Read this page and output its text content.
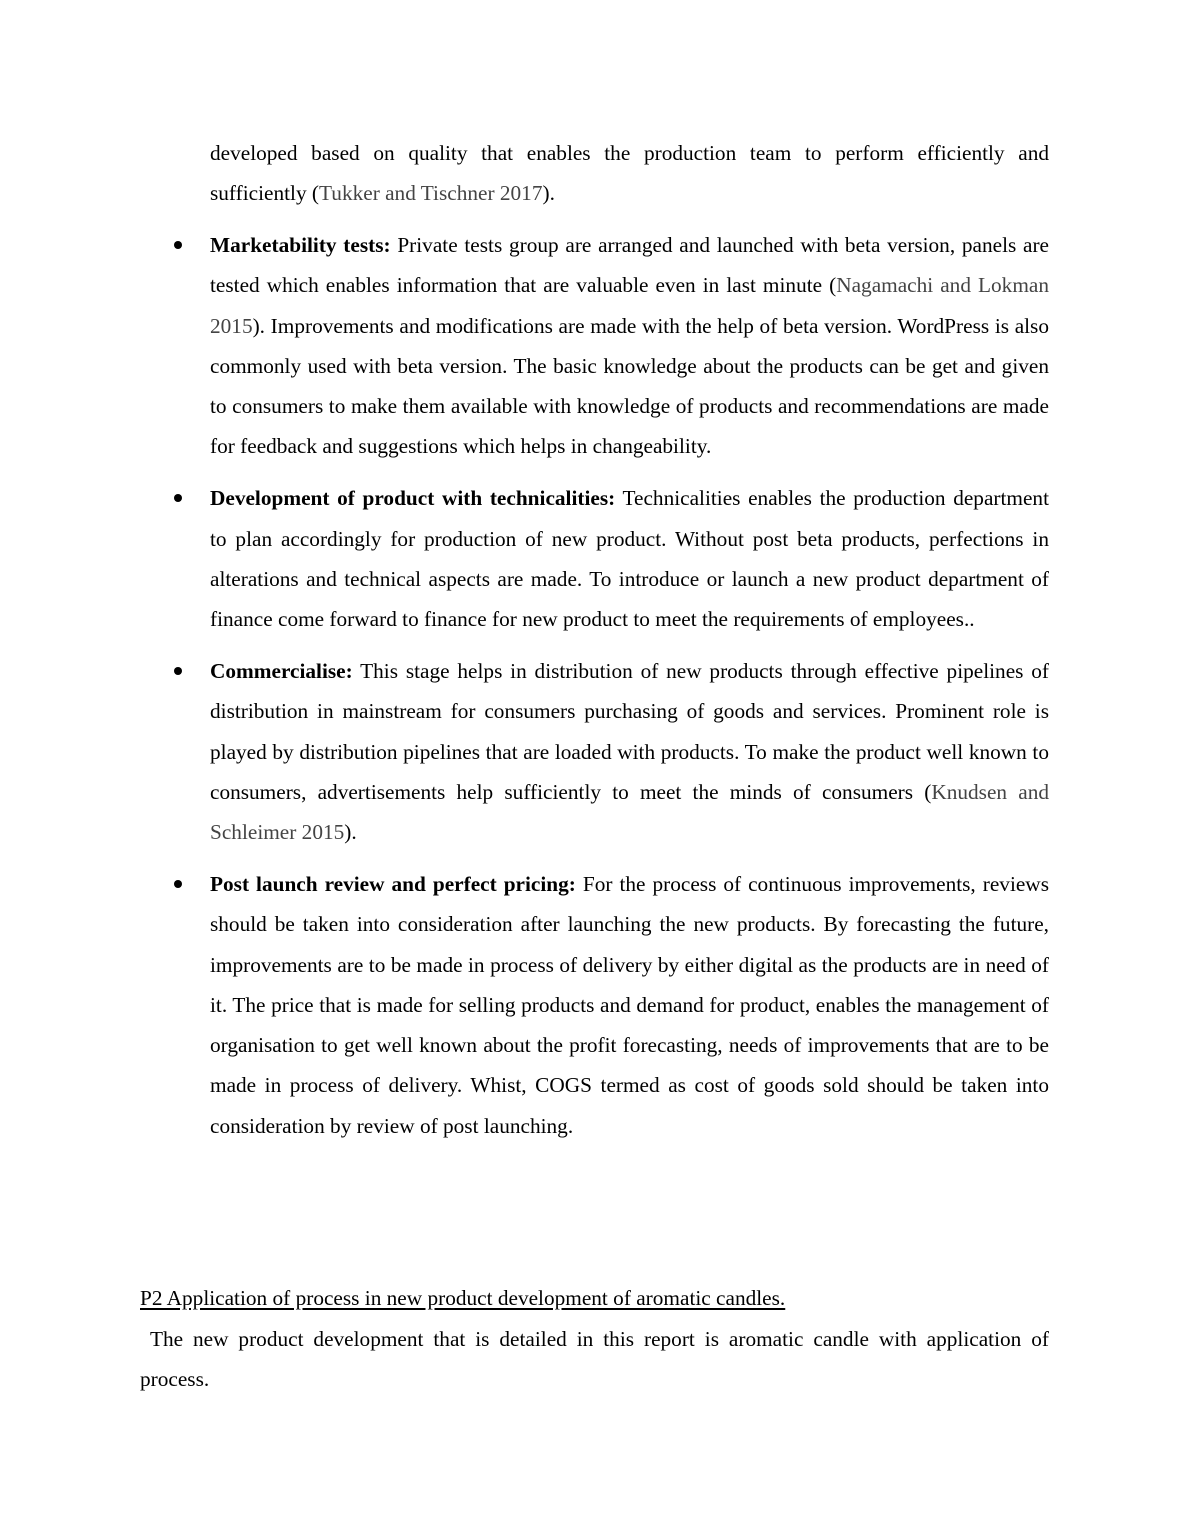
developed based on quality that enables the production team to perform efficiently and sufficiently (Tukker and Tischner 2017).

Marketability tests: Private tests group are arranged and launched with beta version, panels are tested which enables information that are valuable even in last minute (Nagamachi and Lokman 2015). Improvements and modifications are made with the help of beta version. WordPress is also commonly used with beta version. The basic knowledge about the products can be get and given to consumers to make them available with knowledge of products and recommendations are made for feedback and suggestions which helps in changeability.
Development of product with technicalities: Technicalities enables the production department to plan accordingly for production of new product. Without post beta products, perfections in alterations and technical aspects are made. To introduce or launch a new product department of finance come forward to finance for new product to meet the requirements of employees..
Commercialise: This stage helps in distribution of new products through effective pipelines of distribution in mainstream for consumers purchasing of goods and services. Prominent role is played by distribution pipelines that are loaded with products. To make the product well known to consumers, advertisements help sufficiently to meet the minds of consumers (Knudsen and Schleimer 2015).
Post launch review and perfect pricing: For the process of continuous improvements, reviews should be taken into consideration after launching the new products. By forecasting the future, improvements are to be made in process of delivery by either digital as the products are in need of it. The price that is made for selling products and demand for product, enables the management of organisation to get well known about the profit forecasting, needs of improvements that are to be made in process of delivery. Whist, COGS termed as cost of goods sold should be taken into consideration by review of post launching.
P2 Application of process in new product development of aromatic candles.

The new product development that is detailed in this report is aromatic candle with application of process.
